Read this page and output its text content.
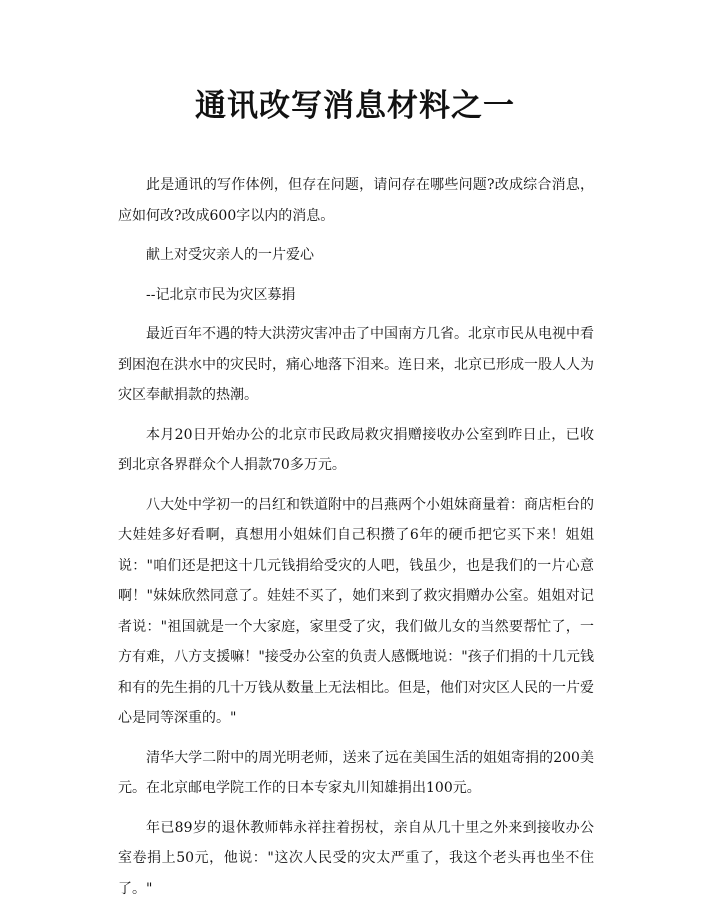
通讯改写消息材料之一

此是通讯的写作体例，但存在问题，请问存在哪些问题?改成综合消息，应如何改?改成600字以内的消息。

献上对受灾亲人的一片爱心

--记北京市民为灾区募捐

最近百年不遇的特大洪涝灾害冲击了中国南方几省。北京市民从电视中看到困泡在洪水中的灾民时，痛心地落下泪来。连日来，北京已形成一股人人为灾区奉献捐款的热潮。

本月20日开始办公的北京市民政局救灾捐赠接收办公室到昨日止，已收到北京各界群众个人捐款70多万元。

八大处中学初一的吕红和铁道附中的吕燕两个小姐妹商量着：商店柜台的大娃娃多好看啊，真想用小姐妹们自己积攒了6年的硬币把它买下来！姐姐说："咱们还是把这十几元钱捐给受灾的人吧，钱虽少，也是我们的一片心意啊！"妹妹欣然同意了。娃娃不买了，她们来到了救灾捐赠办公室。姐姐对记者说："祖国就是一个大家庭，家里受了灾，我们做儿女的当然要帮忙了，一方有难，八方支援嘛！"接受办公室的负责人感慨地说："孩子们捐的十几元钱和有的先生捐的几十万钱从数量上无法相比。但是，他们对灾区人民的一片爱心是同等深重的。"

清华大学二附中的周光明老师，送来了远在美国生活的姐姐寄捐的200美元。在北京邮电学院工作的日本专家丸川知雄捐出100元。

年已89岁的退休教师韩永祥拄着拐杖，亲自从几十里之外来到接收办公室卷捐上50元，他说："这次人民受的灾太严重了，我这个老头再也坐不住了。"
